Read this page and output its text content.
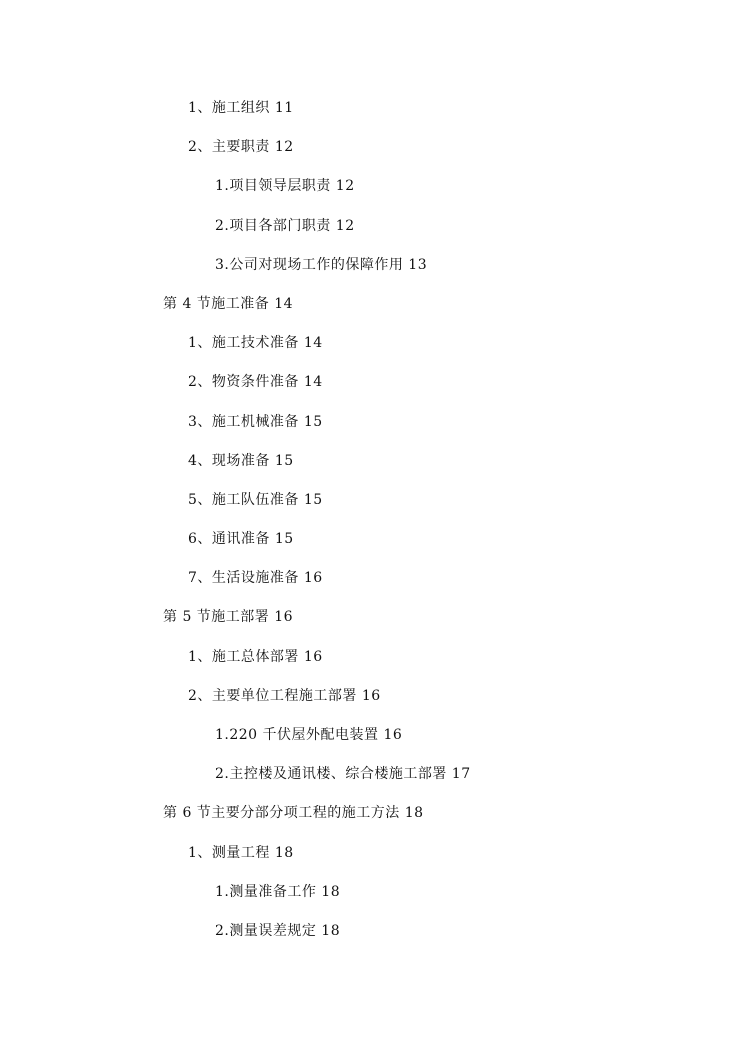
1、施工组织 11
2、主要职责 12
1.项目领导层职责 12
2.项目各部门职责 12
3.公司对现场工作的保障作用 13
第 4 节施工准备 14
1、施工技术准备 14
2、物资条件准备 14
3、施工机械准备 15
4、现场准备 15
5、施工队伍准备 15
6、通讯准备 15
7、生活设施准备 16
第 5 节施工部署 16
1、施工总体部署 16
2、主要单位工程施工部署 16
1.220 千伏屋外配电装置 16
2.主控楼及通讯楼、综合楼施工部署 17
第 6 节主要分部分项工程的施工方法 18
1、测量工程 18
1.测量准备工作 18
2.测量误差规定 18
